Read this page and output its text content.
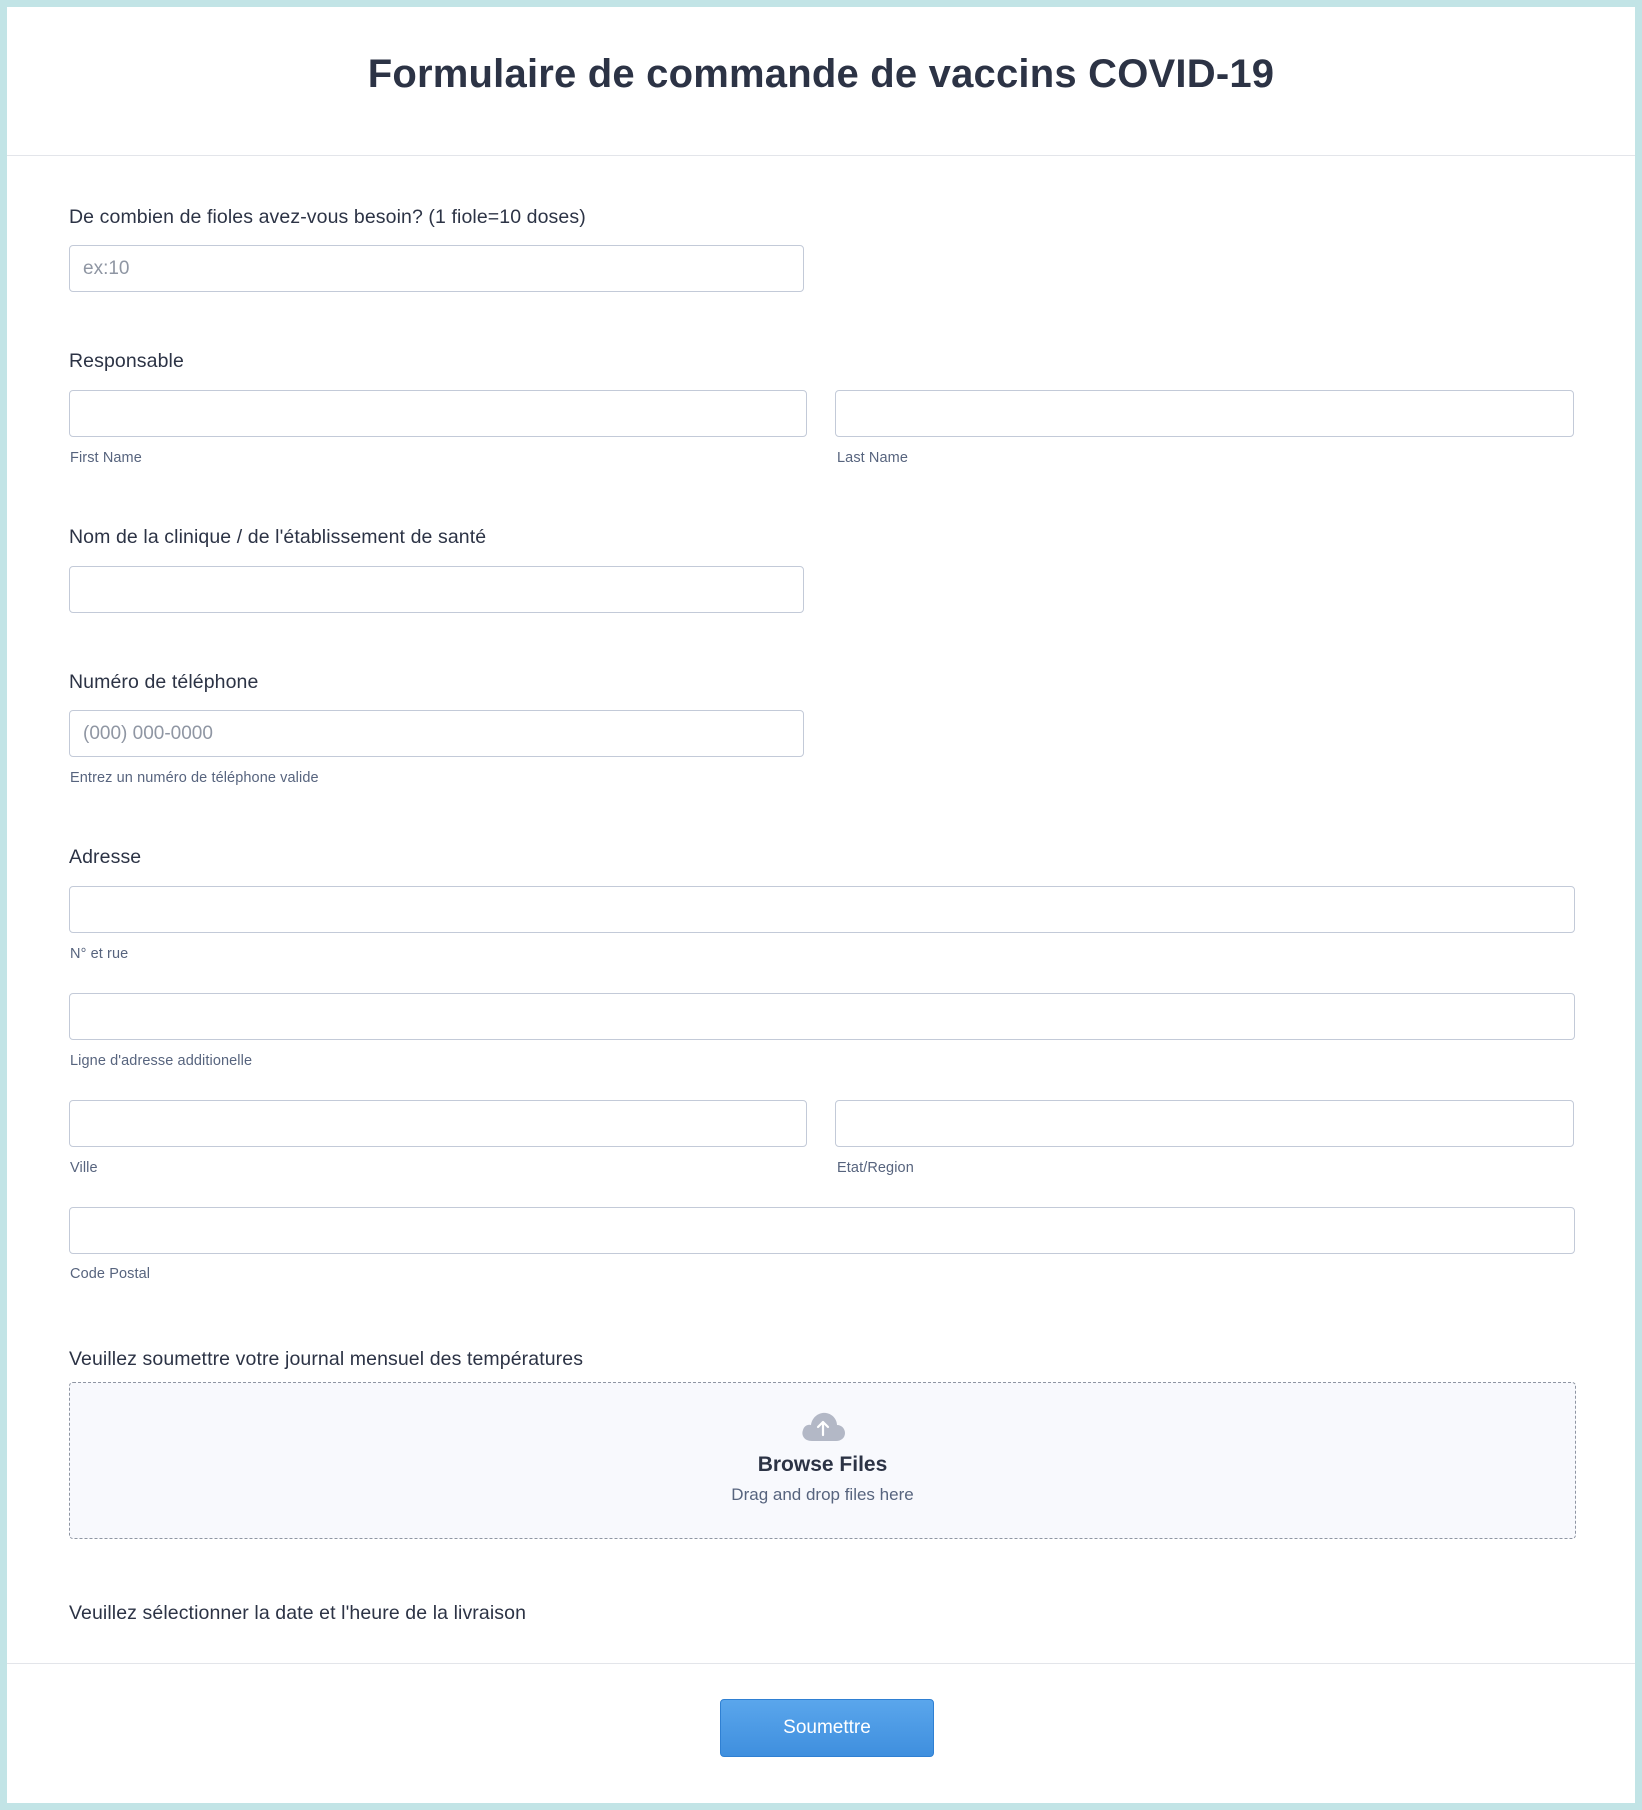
Formulaire de commande de vaccins COVID-19
De combien de fioles avez-vous besoin? (1 fiole=10 doses)
ex:10
Responsable
First Name	Last Name
Nom de la clinique / de l'établissement de santé
Numéro de téléphone
(000) 000-0000
Entrez un numéro de téléphone valide
Adresse
N° et rue
Ligne d'adresse additionelle
Ville	Etat/Region
Code Postal
Veuillez soumettre votre journal mensuel des températures
Browse Files
Drag and drop files here
Veuillez sélectionner la date et l'heure de la livraison
Soumettre
